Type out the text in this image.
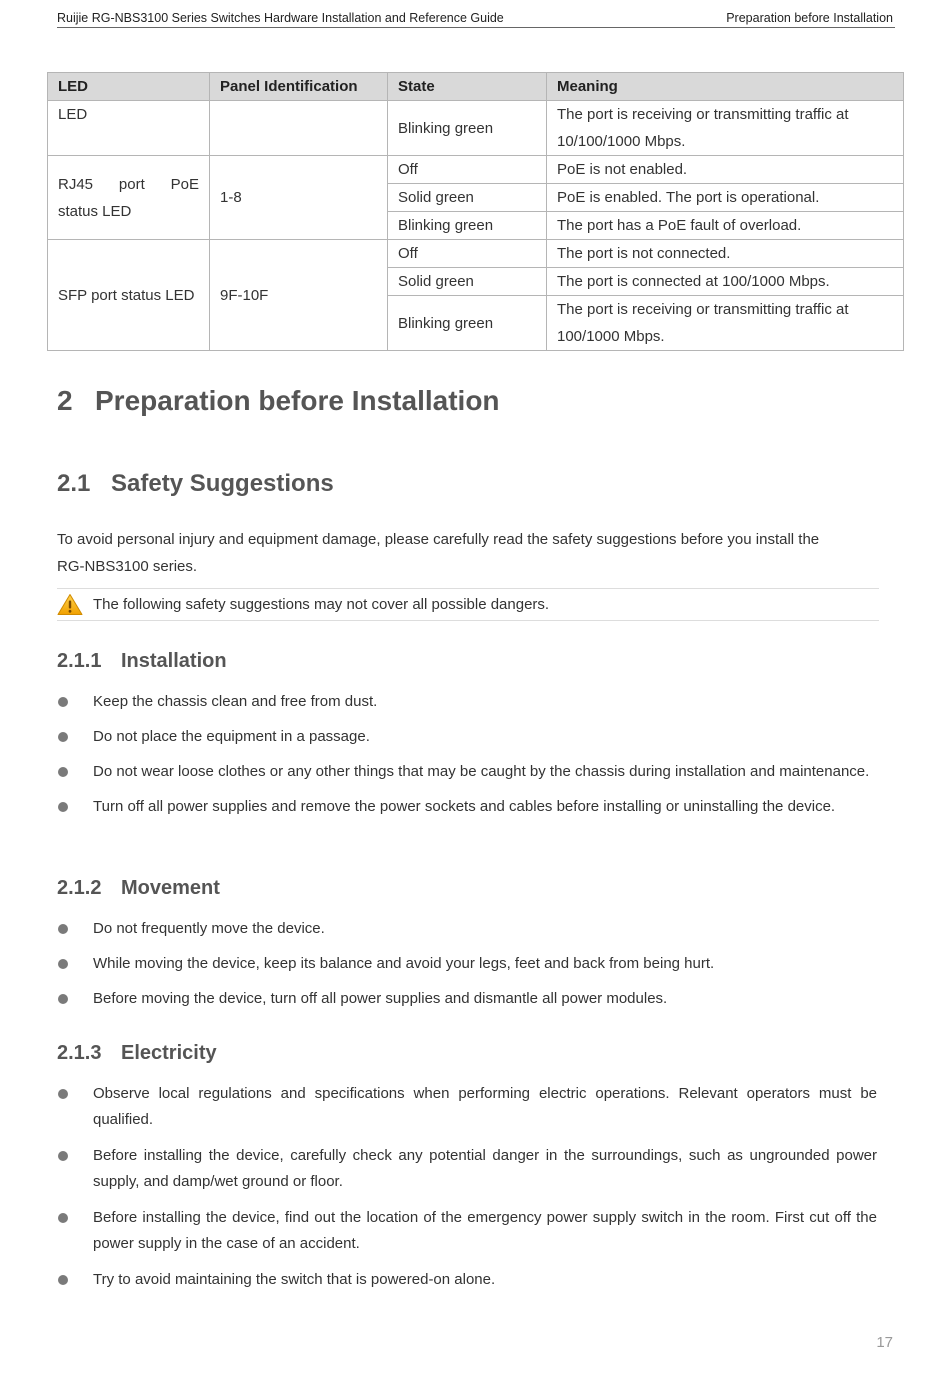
Ruijie RG-NBS3100 Series Switches Hardware Installation and Reference Guide	Preparation before Installation
LED	Panel Identification	State	Meaning
LED		Blinking green	The port is receiving or transmitting traffic at
10/100/1000 Mbps.

RJ45 port PoE
status LED	1-8	Off	PoE is not enabled.
		Solid green	PoE is enabled. The port is operational.
		Blinking green	The port has a PoE fault of overload.
SFP port status LED	9F-10F	Off	The port is not connected.
		Solid green	The port is connected at 100/1000 Mbps.
		Blinking green	The port is receiving or transmitting traffic at
100/1000 Mbps.
2 Preparation before Installation
2.1 Safety Suggestions
To avoid personal injury and equipment damage, please carefully read the safety suggestions before you install the
RG-NBS3100 series.
The following safety suggestions may not cover all possible dangers.
2.1.1 Installation
Keep the chassis clean and free from dust.
Do not place the equipment in a passage.
Do not wear loose clothes or any other things that may be caught by the chassis during installation and maintenance.
Turn off all power supplies and remove the power sockets and cables before installing or uninstalling the device.
2.1.2 Movement
Do not frequently move the device.
While moving the device, keep its balance and avoid your legs, feet and back from being hurt.
Before moving the device, turn off all power supplies and dismantle all power modules.
2.1.3 Electricity
Observe local regulations and specifications when performing electric operations. Relevant operators must be qualified.
Before installing the device, carefully check any potential danger in the surroundings, such as ungrounded power supply, and damp/wet ground or floor.
Before installing the device, find out the location of the emergency power supply switch in the room. First cut off the power supply in the case of an accident.
Try to avoid maintaining the switch that is powered-on alone.
17
